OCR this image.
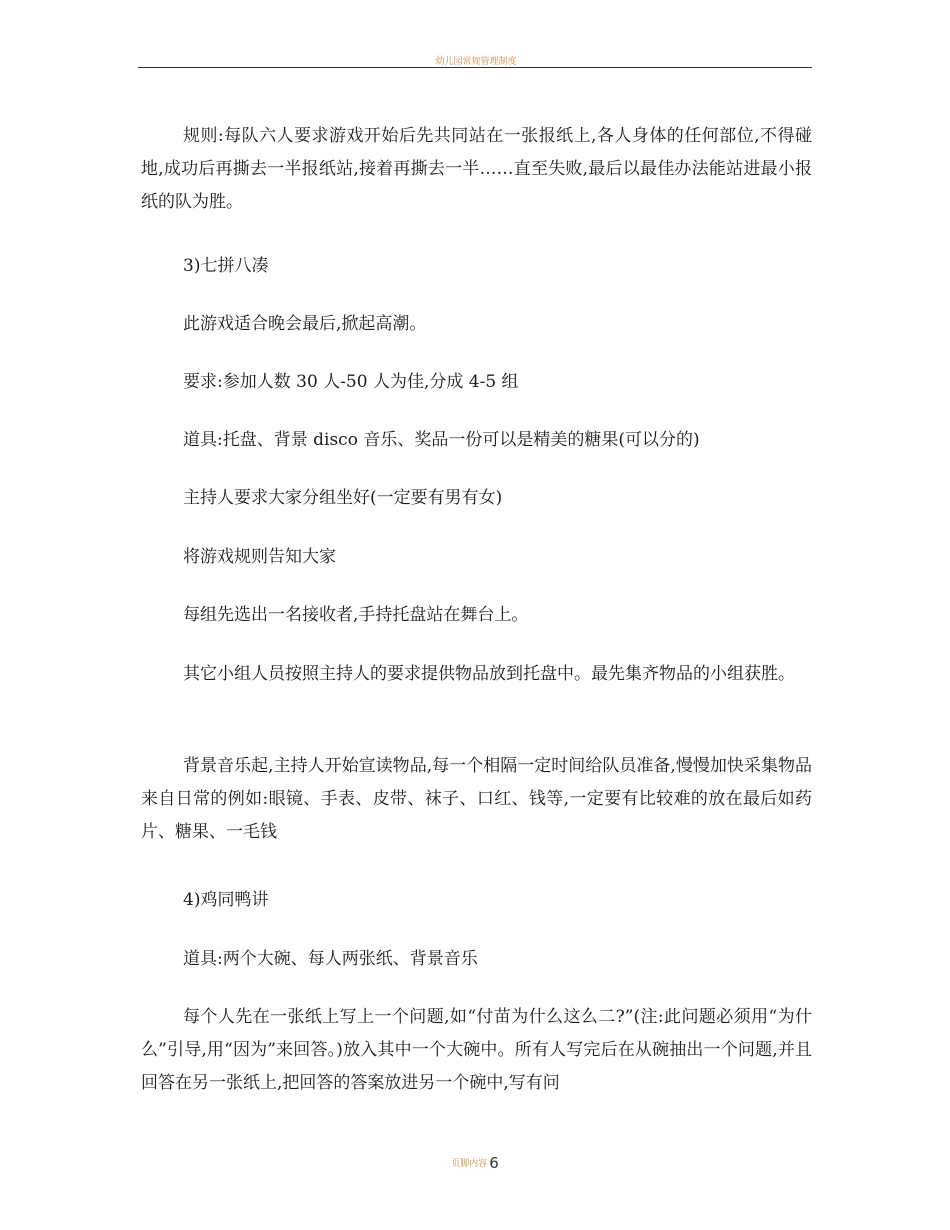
幼儿园常规管理制度

规则:每队六人要求游戏开始后先共同站在一张报纸上,各人身体的任何部位,不得碰地,成功后再撕去一半报纸站,接着再撕去一半……直至失败,最后以最佳办法能站进最小报纸的队为胜。

3)七拼八凑

此游戏适合晚会最后,掀起高潮。

要求:参加人数 30 人-50 人为佳,分成 4-5 组

道具:托盘、背景 disco 音乐、奖品一份可以是精美的糖果(可以分的)

主持人要求大家分组坐好(一定要有男有女)

将游戏规则告知大家

每组先选出一名接收者,手持托盘站在舞台上。

其它小组人员按照主持人的要求提供物品放到托盘中。最先集齐物品的小组获胜。

背景音乐起,主持人开始宣读物品,每一个相隔一定时间给队员准备,慢慢加快采集物品来自日常的例如:眼镜、手表、皮带、袜子、口红、钱等,一定要有比较难的放在最后如药片、糖果、一毛钱

4)鸡同鸭讲

道具:两个大碗、每人两张纸、背景音乐

每个人先在一张纸上写上一个问题,如“付苗为什么这么二?”(注:此问题必须用“为什么”引导,用“因为”来回答。)放入其中一个大碗中。所有人写完后在从碗抽出一个问题,并且回答在另一张纸上,把回答的答案放进另一个碗中,写有问

页脚内容 6
